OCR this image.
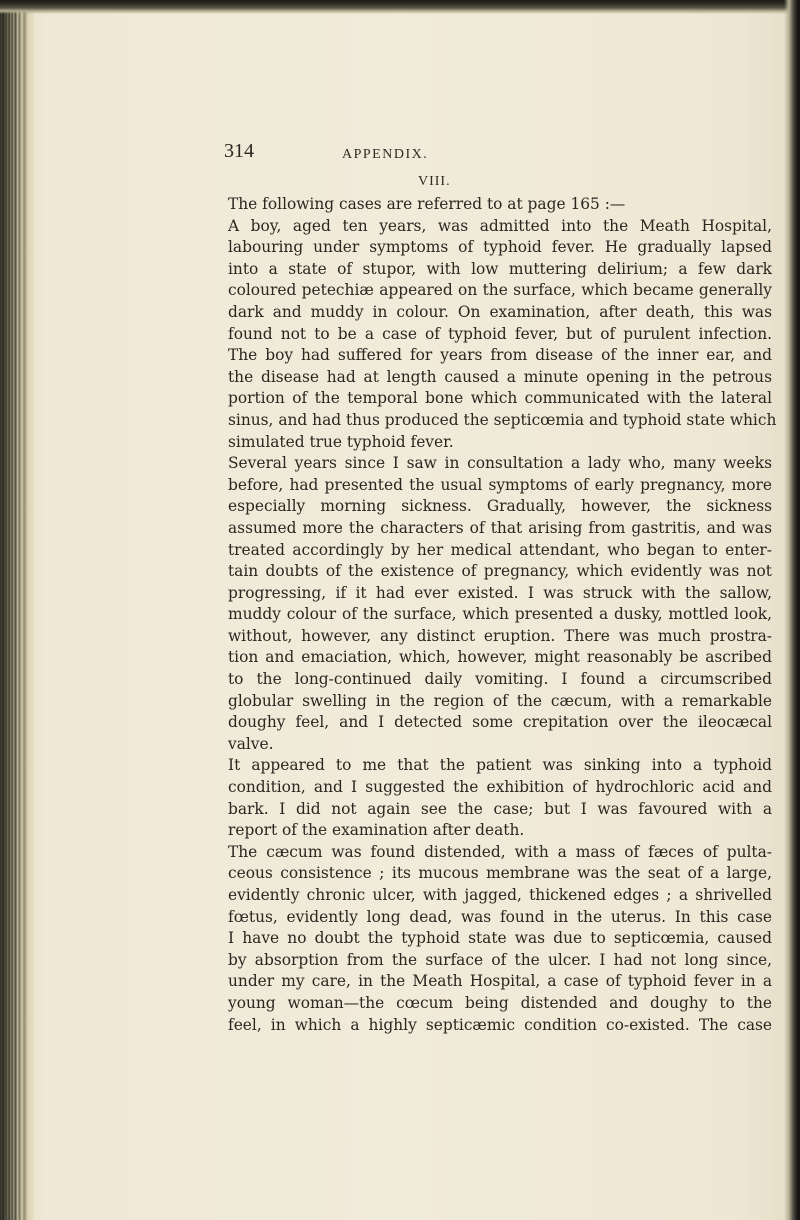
314	APPENDIX.
VIII.
The following cases are referred to at page 165 :—
A boy, aged ten years, was admitted into the Meath Hospital,
labouring under symptoms of typhoid fever. He gradually lapsed
into a state of stupor, with low muttering delirium; a few dark
coloured petechiæ appeared on the surface, which became generally
dark and muddy in colour. On examination, after death, this was
found not to be a case of typhoid fever, but of purulent infection.
The boy had suffered for years from disease of the inner ear, and
the disease had at length caused a minute opening in the petrous
portion of the temporal bone which communicated with the lateral
sinus, and had thus produced the septicœmia and typhoid state which
simulated true typhoid fever.
Several years since I saw in consultation a lady who, many weeks
before, had presented the usual symptoms of early pregnancy, more
especially morning sickness. Gradually, however, the sickness
assumed more the characters of that arising from gastritis, and was
treated accordingly by her medical attendant, who began to enter-
tain doubts of the existence of pregnancy, which evidently was not
progressing, if it had ever existed. I was struck with the sallow,
muddy colour of the surface, which presented a dusky, mottled look,
without, however, any distinct eruption. There was much prostra-
tion and emaciation, which, however, might reasonably be ascribed
to the long-continued daily vomiting. I found a circumscribed
globular swelling in the region of the cæcum, with a remarkable
doughy feel, and I detected some crepitation over the ileocæcal
valve.
It appeared to me that the patient was sinking into a typhoid
condition, and I suggested the exhibition of hydrochloric acid and
bark. I did not again see the case; but I was favoured with a
report of the examination after death.
The cæcum was found distended, with a mass of fæces of pulta-
ceous consistence ; its mucous membrane was the seat of a large,
evidently chronic ulcer, with jagged, thickened edges ; a shrivelled
fœtus, evidently long dead, was found in the uterus. In this case
I have no doubt the typhoid state was due to septicœmia, caused
by absorption from the surface of the ulcer. I had not long since,
under my care, in the Meath Hospital, a case of typhoid fever in a
young woman—the cœcum being distended and doughy to the
feel, in which a highly septicæmic condition co-existed. The case
